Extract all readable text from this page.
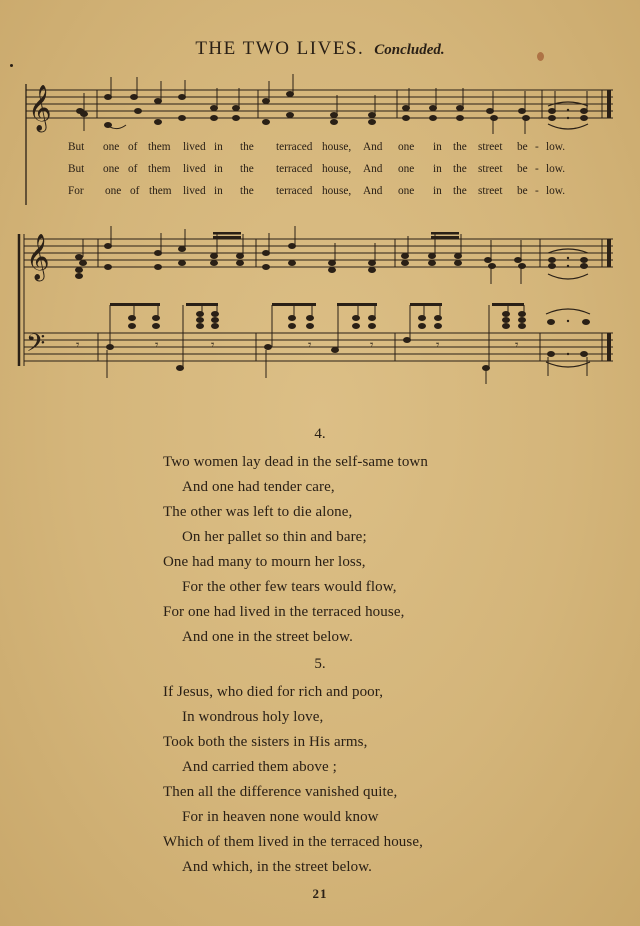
THE TWO LIVES. Concluded.
𝄞
𝄞
𝄢 𝄾	𝄾	𝄾	𝄾	𝄾	𝄾	𝄾
But one of them lived in the terraced house, And one in the street be - low.
But one of them lived in the terraced house, And one in the street be - low.
For one of them lived in the terraced house, And one in the street be - low.
4.
Two women lay dead in the self-same town
And one had tender care,
The other was left to die alone,
On her pallet so thin and bare;
One had many to mourn her loss,
For the other few tears would flow,
For one had lived in the terraced house,
And one in the street below.
5.
If Jesus, who died for rich and poor,
In wondrous holy love,
Took both the sisters in His arms,
And carried them above ;
Then all the difference vanished quite,
For in heaven none would know
Which of them lived in the terraced house,
And which, in the street below.
21
